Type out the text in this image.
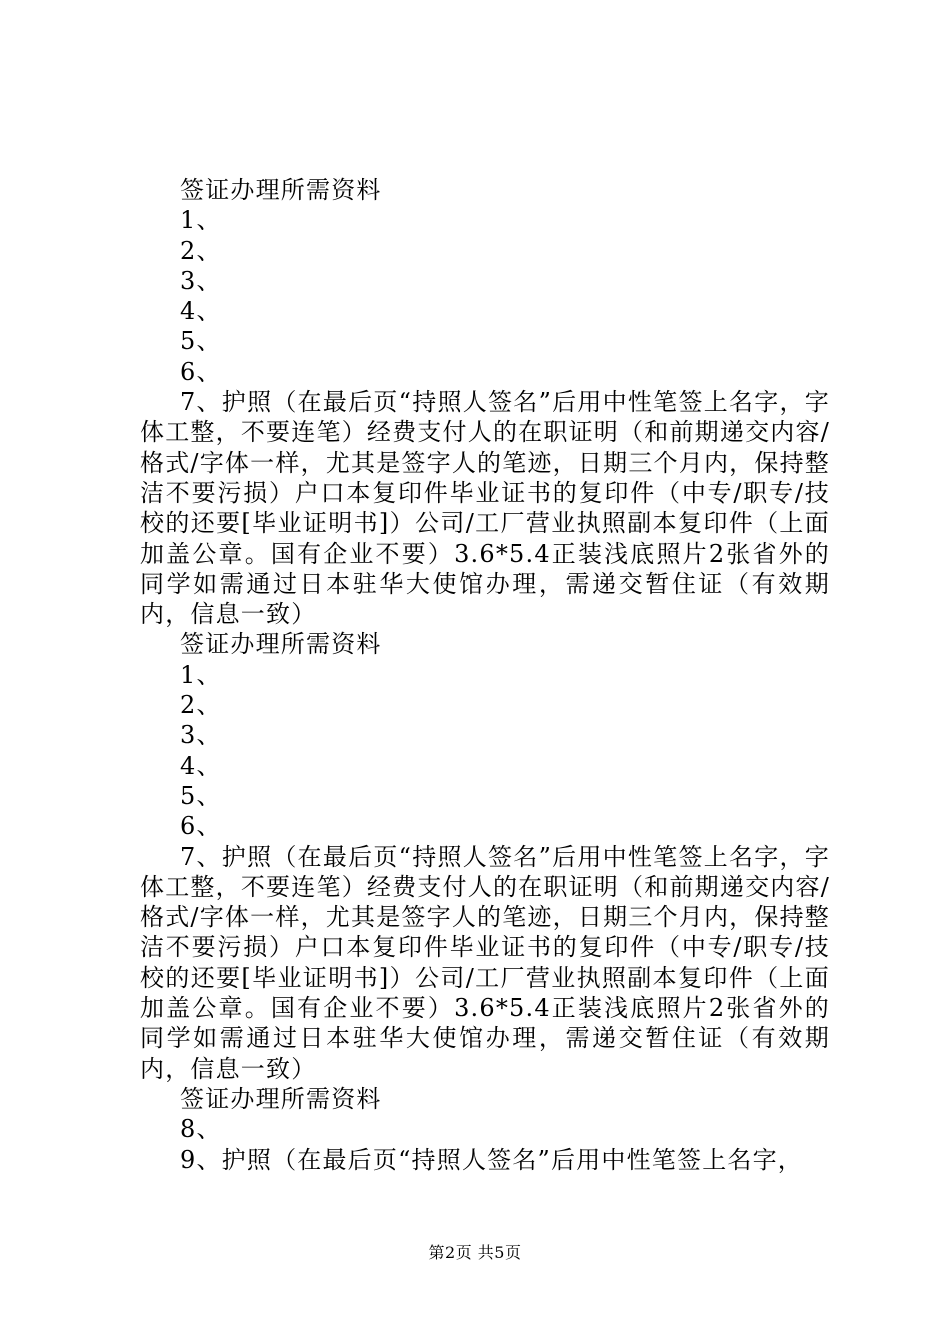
签证办理所需资料

1、

2、

3、

4、

5、

6、

7、护照（在最后页“持照人签名”后用中性笔签上名字，字体工整，不要连笔）经费支付人的在职证明（和前期递交内容/格式/字体一样，尤其是签字人的笔迹，日期三个月内，保持整洁不要污损）户口本复印件毕业证书的复印件（中专/职专/技校的还要[毕业证明书]）公司/工厂营业执照副本复印件（上面加盖公章。国有企业不要）3.6*5.4正装浅底照片2张省外的同学如需通过日本驻华大使馆办理，需递交暂住证（有效期内，信息一致）

签证办理所需资料

1、

2、

3、

4、

5、

6、

7、护照（在最后页“持照人签名”后用中性笔签上名字，字体工整，不要连笔）经费支付人的在职证明（和前期递交内容/格式/字体一样，尤其是签字人的笔迹，日期三个月内，保持整洁不要污损）户口本复印件毕业证书的复印件（中专/职专/技校的还要[毕业证明书]）公司/工厂营业执照副本复印件（上面加盖公章。国有企业不要）3.6*5.4正装浅底照片2张省外的同学如需通过日本驻华大使馆办理，需递交暂住证（有效期内，信息一致）

签证办理所需资料

8、

9、护照（在最后页“持照人签名”后用中性笔签上名字，

第2页 共5页
